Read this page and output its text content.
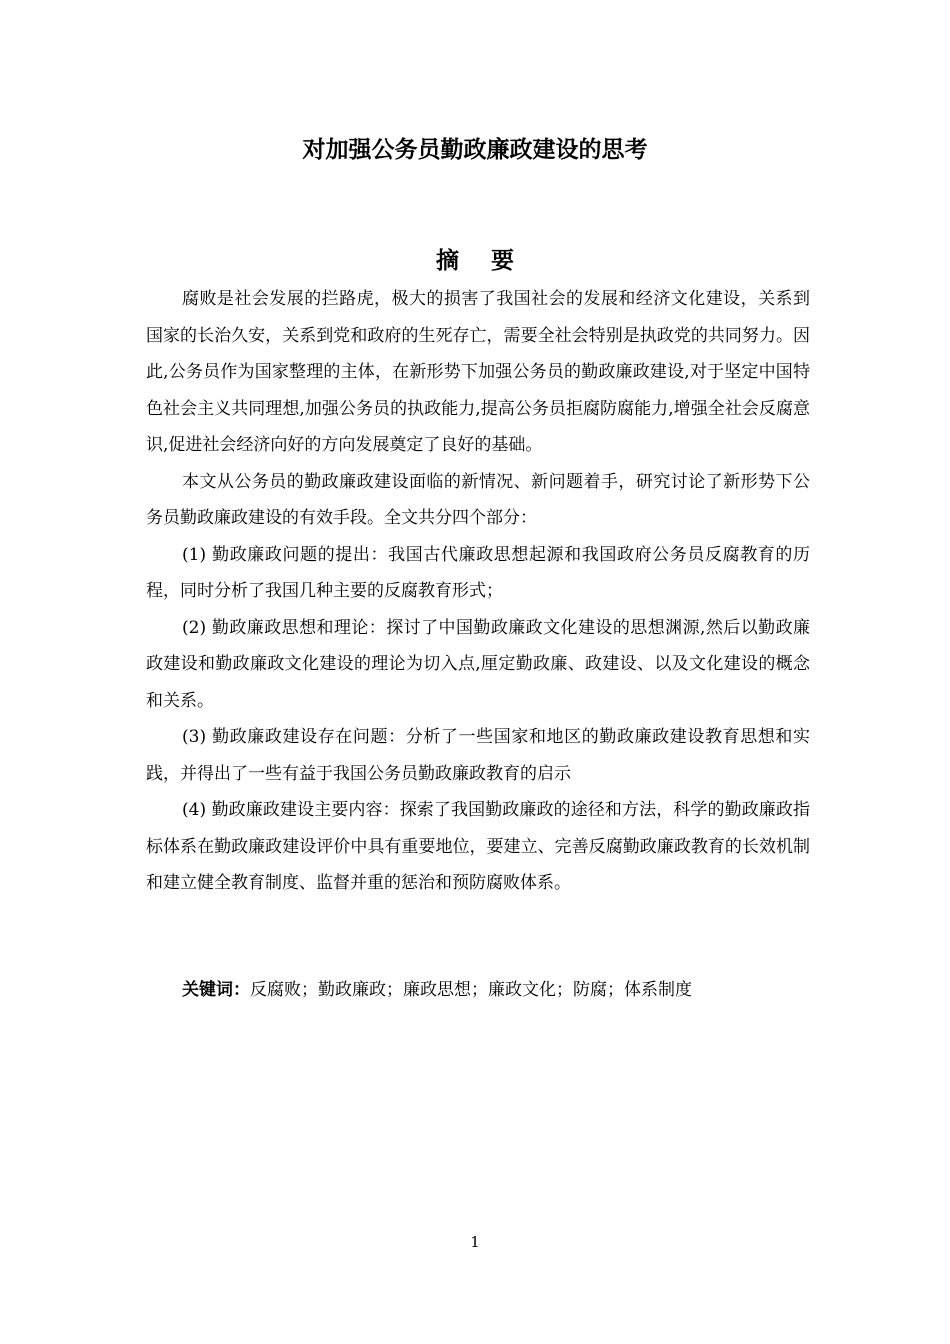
对加强公务员勤政廉政建设的思考
摘 要

腐败是社会发展的拦路虎，极大的损害了我国社会的发展和经济文化建设，关系到国家的长治久安，关系到党和政府的生死存亡，需要全社会特别是执政党的共同努力。因此,公务员作为国家整理的主体，在新形势下加强公务员的勤政廉政建设,对于坚定中国特色社会主义共同理想,加强公务员的执政能力,提高公务员拒腐防腐能力,增强全社会反腐意识,促进社会经济向好的方向发展奠定了良好的基础。

本文从公务员的勤政廉政建设面临的新情况、新问题着手，研究讨论了新形势下公务员勤政廉政建设的有效手段。全文共分四个部分：

(1) 勤政廉政问题的提出：我国古代廉政思想起源和我国政府公务员反腐教育的历程，同时分析了我国几种主要的反腐教育形式；

(2) 勤政廉政思想和理论：探讨了中国勤政廉政文化建设的思想渊源,然后以勤政廉政建设和勤政廉政文化建设的理论为切入点,厘定勤政廉、政建设、以及文化建设的概念和关系。

(3) 勤政廉政建设存在问题：分析了一些国家和地区的勤政廉政建设教育思想和实践，并得出了一些有益于我国公务员勤政廉政教育的启示

(4) 勤政廉政建设主要内容：探索了我国勤政廉政的途径和方法，科学的勤政廉政指标体系在勤政廉政建设评价中具有重要地位，要建立、完善反腐勤政廉政教育的长效机制和建立健全教育制度、监督并重的惩治和预防腐败体系。

关键词：反腐败；勤政廉政；廉政思想；廉政文化；防腐；体系制度

1
